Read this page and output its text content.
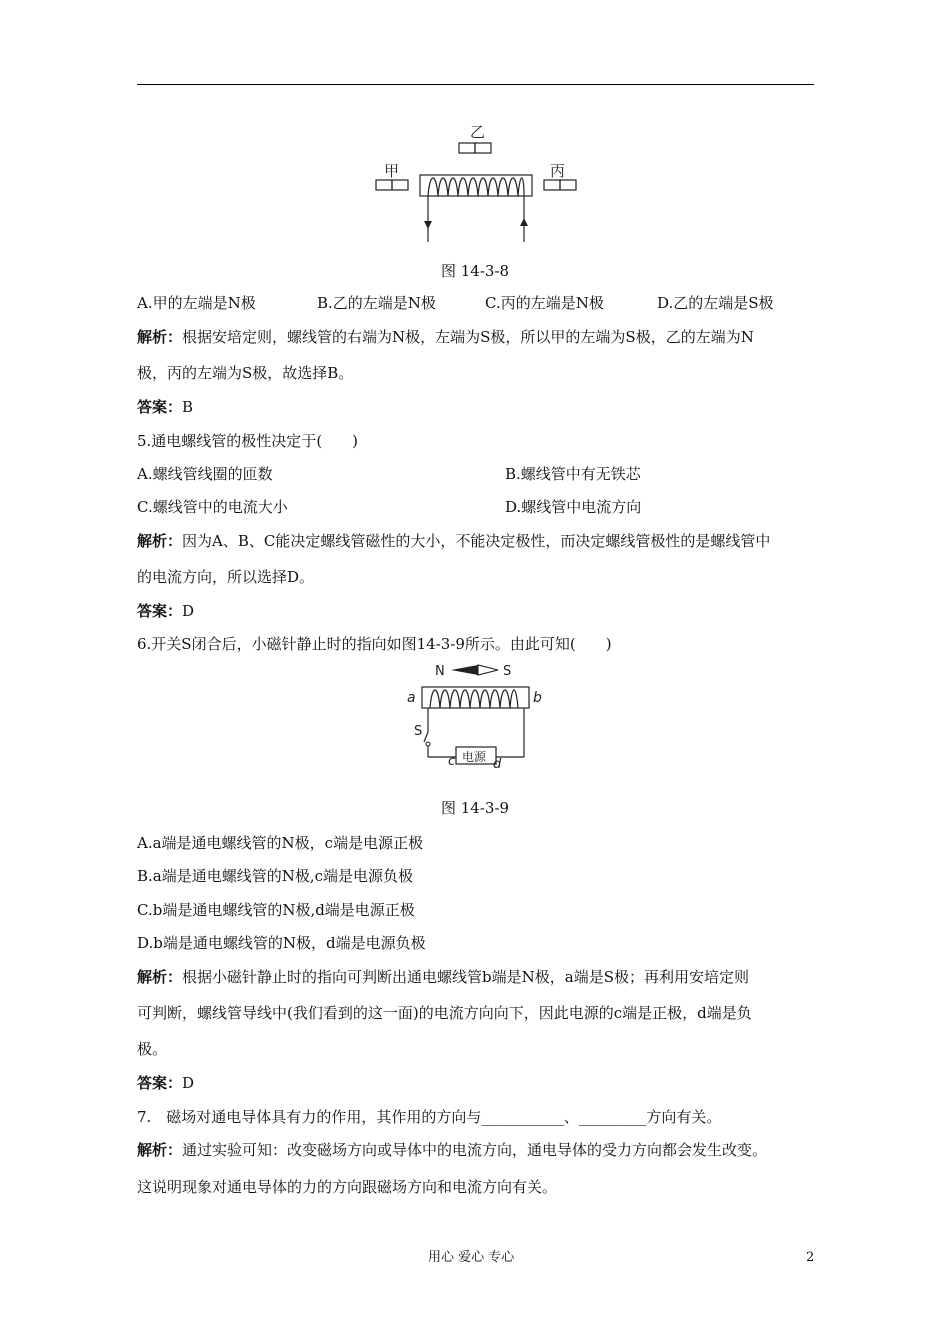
乙
甲	丙
图 14-3-8
A.甲的左端是N极	B.乙的左端是N极	C.丙的左端是N极	D.乙的左端是S极
解析：根据安培定则，螺线管的右端为N极，左端为S极，所以甲的左端为S极，乙的左端为N
极，丙的左端为S极，故选择B。
答案：B
5.通电螺线管的极性决定于(　　)
A.螺线管线圈的匝数	B.螺线管中有无铁芯
C.螺线管中的电流大小	D.螺线管中电流方向
解析：因为A、B、C能决定螺线管磁性的大小，不能决定极性，而决定螺线管极性的是螺线管中
的电流方向，所以选择D。
答案：D
6.开关S闭合后，小磁针静止时的指向如图14-3-9所示。由此可知(　　)
N	S
a	b
S
电源
c	d
图 14-3-9
A.a端是通电螺线管的N极，c端是电源正极
B.a端是通电螺线管的N极,c端是电源负极
C.b端是通电螺线管的N极,d端是电源正极
D.b端是通电螺线管的N极，d端是电源负极
解析：根据小磁针静止时的指向可判断出通电螺线管b端是N极，a端是S极；再利用安培定则
可判断，螺线管导线中(我们看到的这一面)的电流方向向下，因此电源的c端是正极，d端是负
极。
答案：D
7.　磁场对通电导体具有力的作用，其作用的方向与___________、_________方向有关。
解析：通过实验可知：改变磁场方向或导体中的电流方向，通电导体的受力方向都会发生改变。
这说明现象对通电导体的力的方向跟磁场方向和电流方向有关。
用心 爱心 专心	2
